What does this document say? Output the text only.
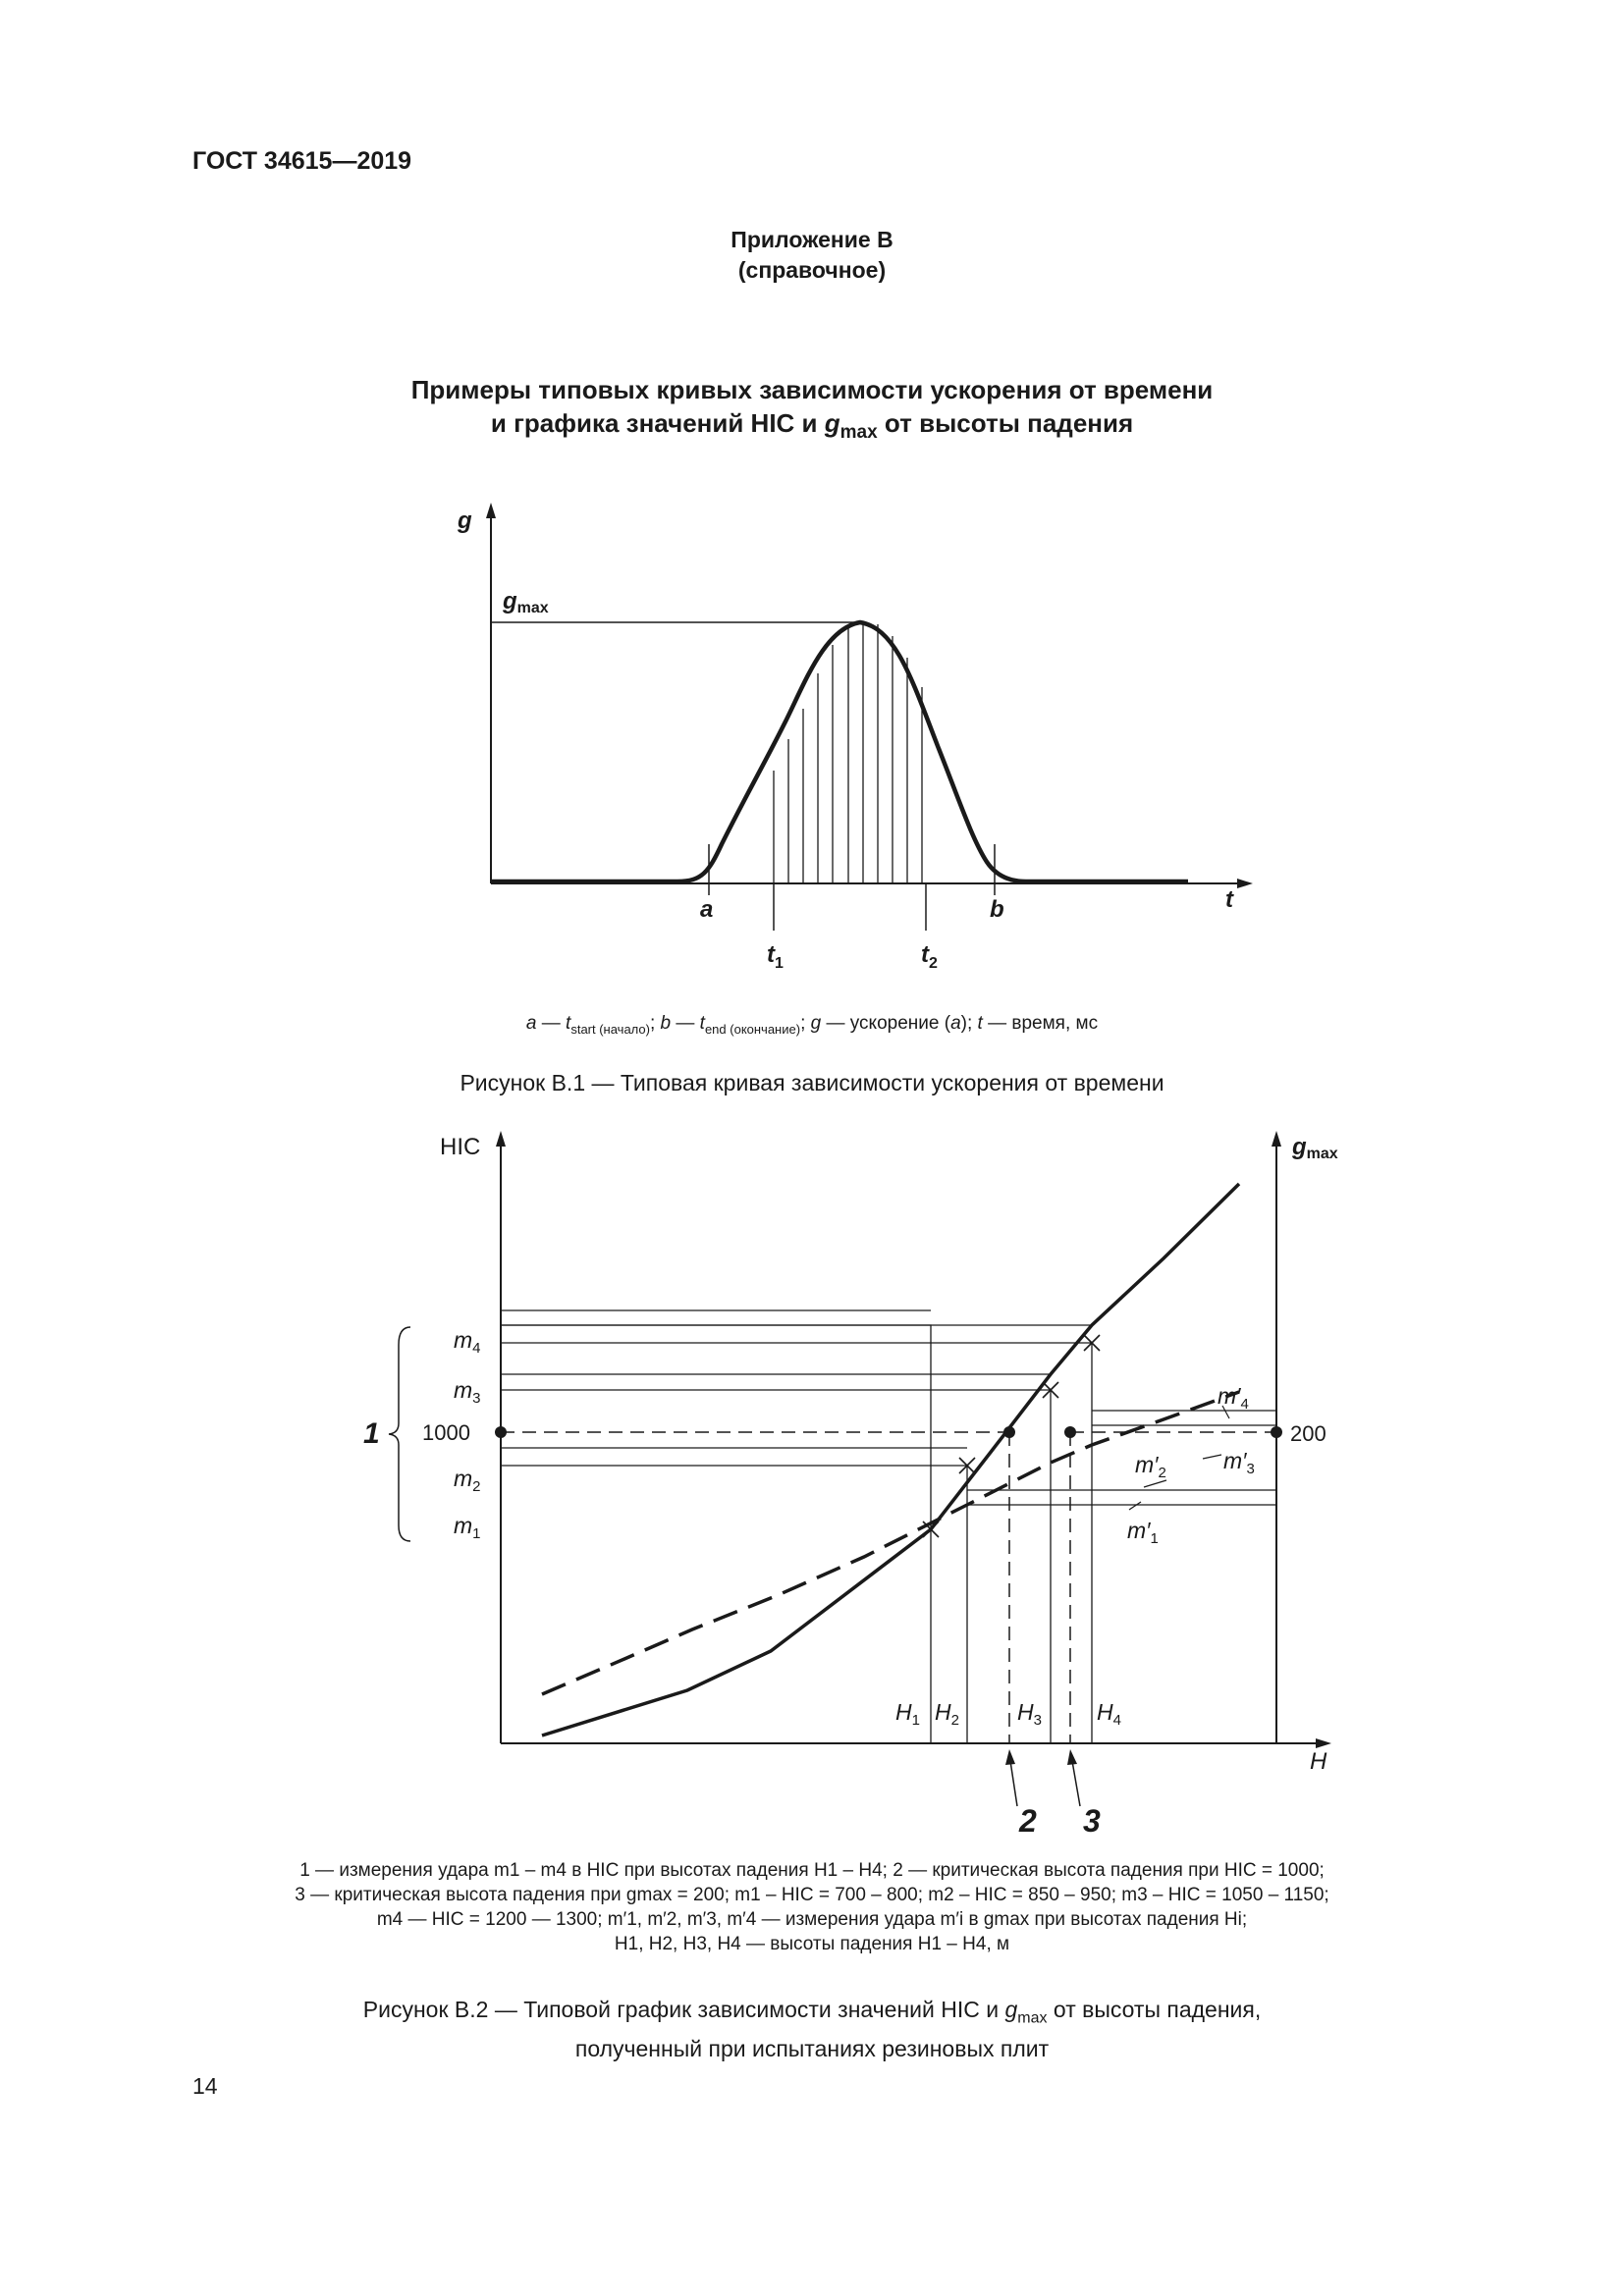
ГОСТ 34615—2019
Приложение В
(справочное)
Примеры типовых кривых зависимости ускорения от времени
и графика значений HIC и $g_{max}$ от высоты падения
g
gmax
t
a	b
$t_1$	$t_2$
a — $t_{start (начало)}$; b — $t_{end (окончание)}$; g — ускорение (a); t — время, мс
Рисунок В.1 — Типовая кривая зависимости ускорения от времени
HIC	gmax
H
1000	200
1
$m_4$
$m_3$
$m_2$
$m_1$
$m'_4$
$m'_3$
$m'_2$
$m'_1$
$H_1$ $H_2$	$H_3$ $H_4$
2 3
1 — измерения удара m1 – m4 в HIC при высотах падения H1 – H4; 2 — критическая высота падения при HIC = 1000;
3 — критическая высота падения при gmax = 200; m1 – HIC = 700 – 800; m2 – HIC = 850 – 950; m3 – HIC = 1050 – 1150;
m4 — HIC = 1200 — 1300; m′1, m′2, m′3, m′4 — измерения удара m′i в gmax при высотах падения Hi;
H1, H2, H3, H4 — высоты падения H1 – H4, м
Рисунок В.2 — Типовой график зависимости значений HIC и $g_{max}$ от высоты падения,
полученный при испытаниях резиновых плит
14
